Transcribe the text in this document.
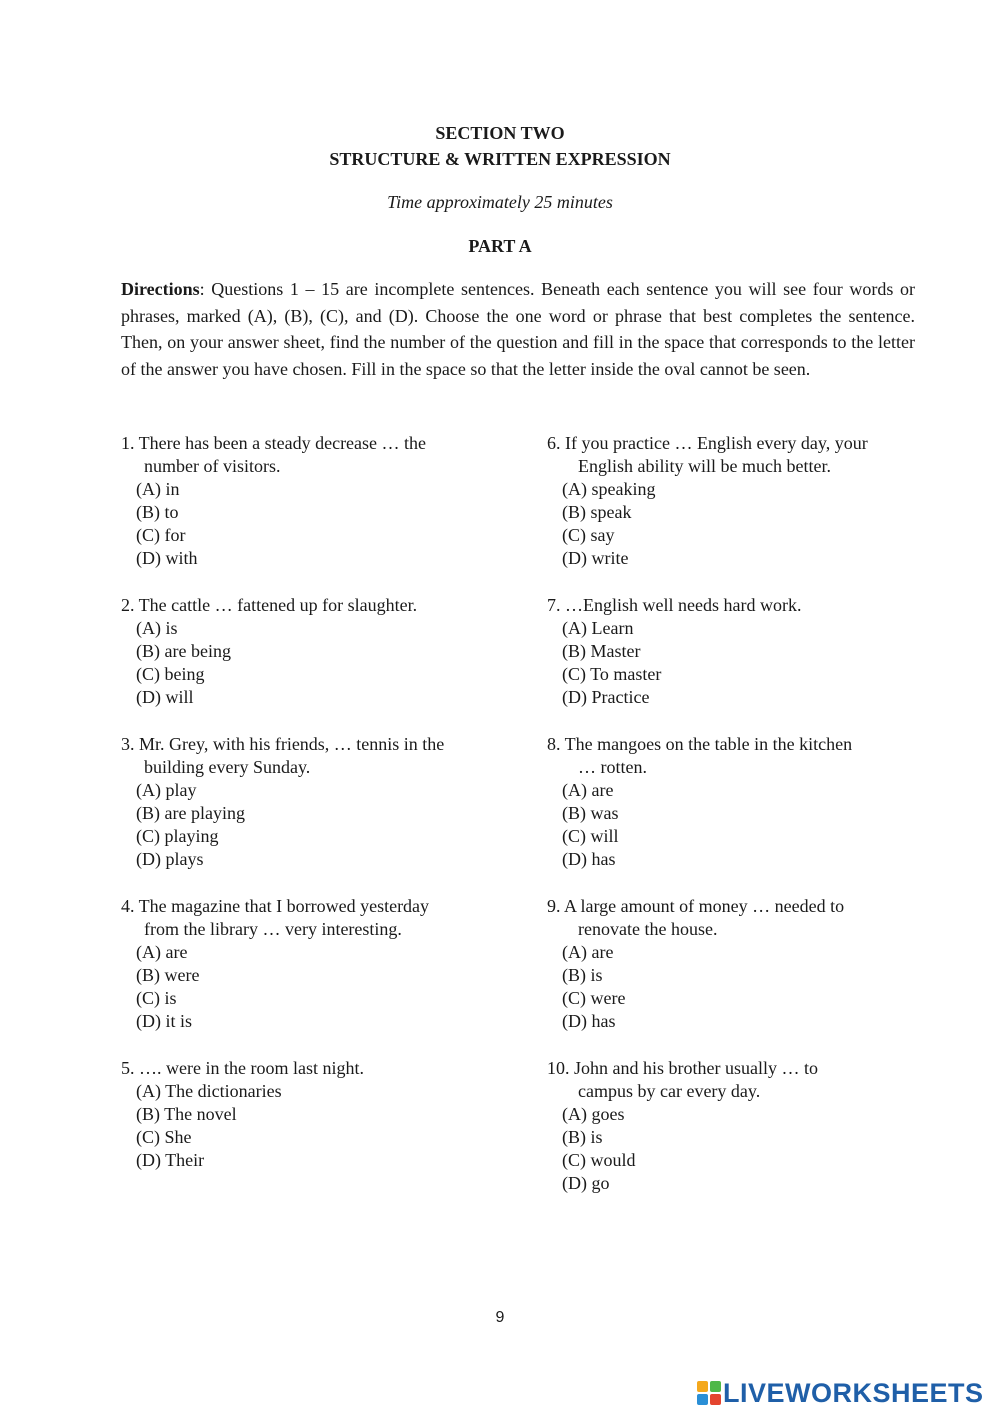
SECTION TWO
STRUCTURE & WRITTEN EXPRESSION
Time approximately 25 minutes
PART A
Directions: Questions 1 – 15 are incomplete sentences. Beneath each sentence you will see four words or phrases, marked (A), (B), (C), and (D). Choose the one word or phrase that best completes the sentence. Then, on your answer sheet, find the number of the question and fill in the space that corresponds to the letter of the answer you have chosen. Fill in the space so that the letter inside the oval cannot be seen.
1. There has been a steady decrease … the
number of visitors.
(A) in
(B) to
(C) for
(D) with
2. The cattle … fattened up for slaughter.
(A) is
(B) are being
(C) being
(D) will
3. Mr. Grey, with his friends, … tennis in the
building every Sunday.
(A) play
(B) are playing
(C) playing
(D) plays
4. The magazine that I borrowed yesterday
from the library … very interesting.
(A) are
(B) were
(C) is
(D) it is
5. …. were in the room last night.
(A) The dictionaries
(B) The novel
(C) She
(D) Their
6. If you practice … English every day, your
English ability will be much better.
(A) speaking
(B) speak
(C) say
(D) write
7. …English well needs hard work.
(A) Learn
(B) Master
(C) To master
(D) Practice
8. The mangoes on the table in the kitchen
… rotten.
(A) are
(B) was
(C) will
(D) has
9. A large amount of money … needed to
renovate the house.
(A) are
(B) is
(C) were
(D) has
10. John and his brother usually … to
campus by car every day.
(A) goes
(B) is
(C) would
(D) go
9
LIVEWORKSHEETS
